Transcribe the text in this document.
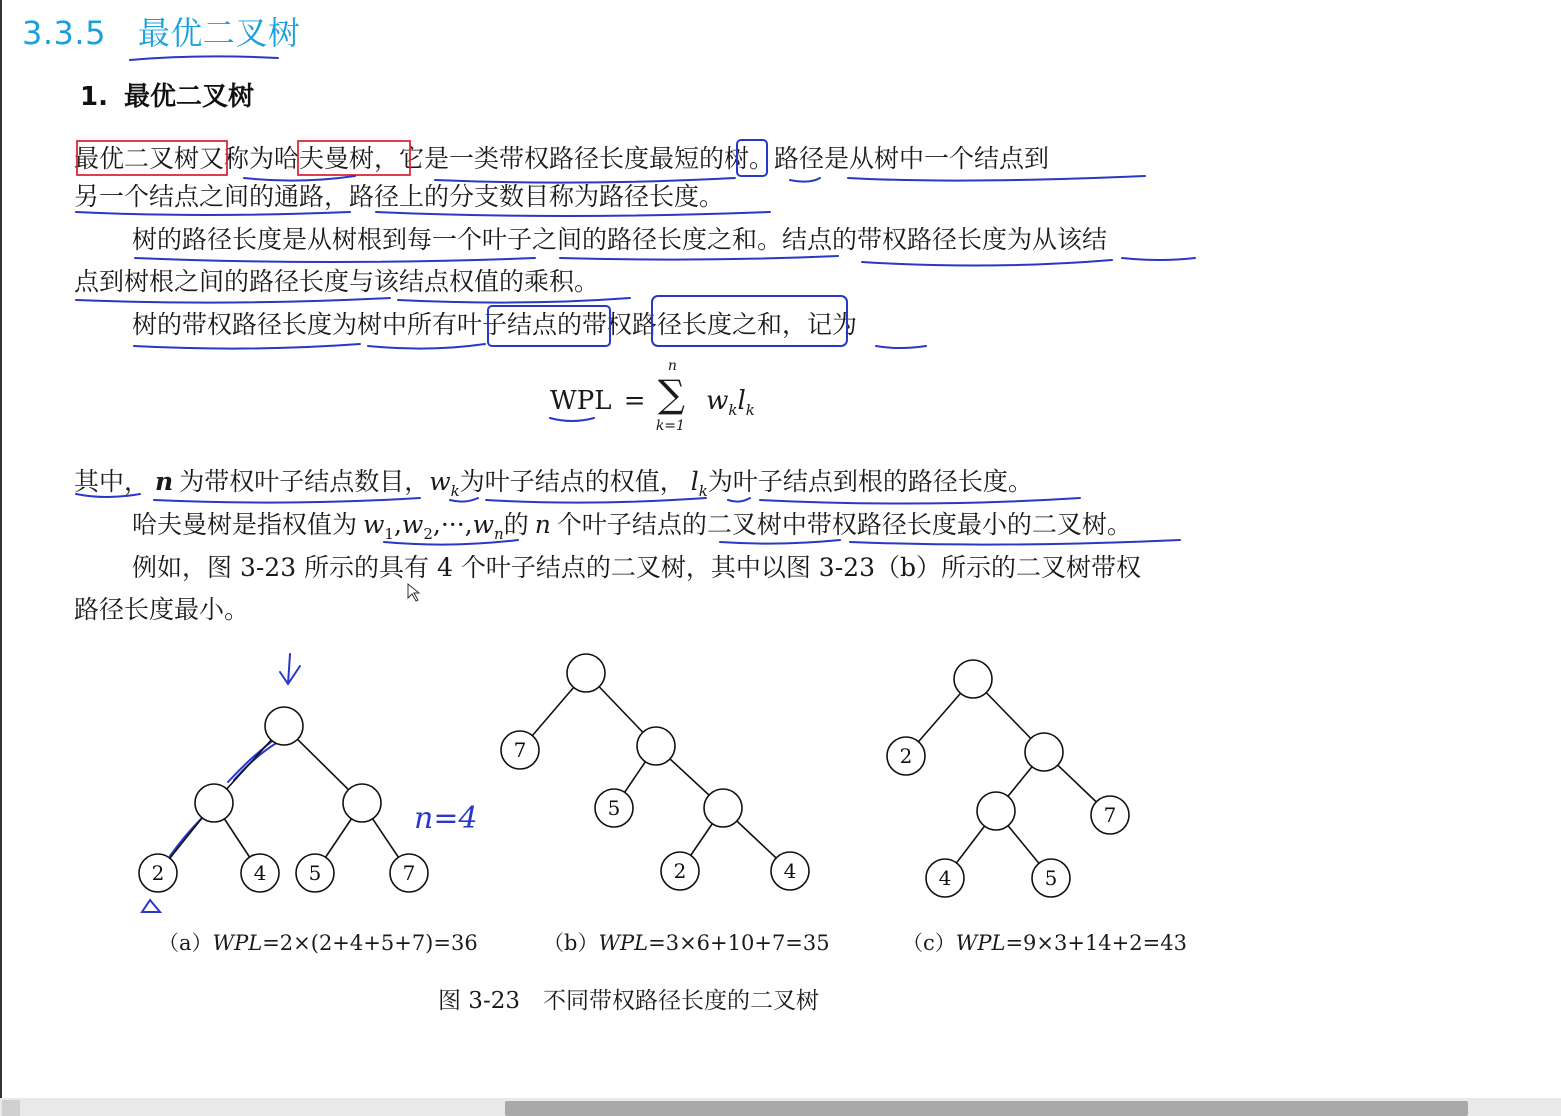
3.3.5 最优二叉树
1. 最优二叉树
最优二叉树又称为哈夫曼树，它是一类带权路径长度最短的树。路径是从树中一个结点到
另一个结点之间的通路，路径上的分支数目称为路径长度。
树的路径长度是从树根到每一个叶子之间的路径长度之和。结点的带权路径长度为从该结
点到树根之间的路径长度与该结点权值的乘积。
树的带权路径长度为树中所有叶子结点的带权路径长度之和，记为
WPL =
n
∑
k=1
$w_kl_k$
其中， n 为带权叶子结点数目，$w_k$为叶子结点的权值， $l_k$为叶子结点到根的路径长度。
哈夫曼树是指权值为 $w_1,w_2,\cdot\cdot\cdot,w_n$的 n 个叶子结点的二叉树中带权路径长度最小的二叉树。
例如，图 3-23 所示的具有 4 个叶子结点的二叉树，其中以图 3-23（b）所示的二叉树带权
路径长度最小。
n=4
2	4 5	7
7
5
2	4
2
7
4	5
（a）WPL=2×(2+4+5+7)=36	（b）WPL=3×6+10+7=35	（c）WPL=9×3+14+2=43
图 3-23　不同带权路径长度的二叉树
